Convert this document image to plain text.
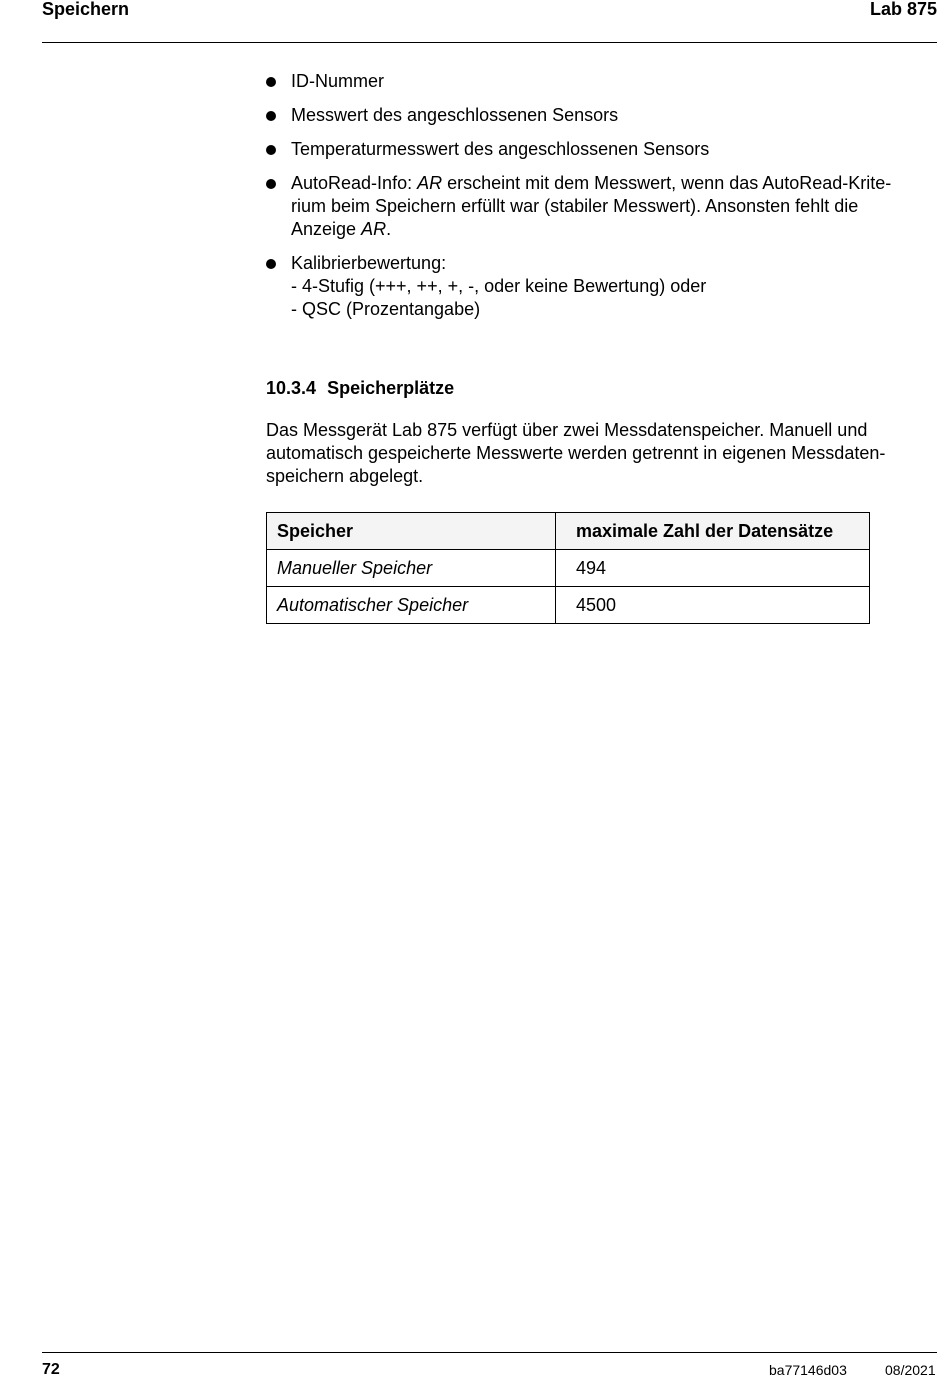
Speichern	Lab 875
ID-Nummer
Messwert des angeschlossenen Sensors
Temperaturmesswert des angeschlossenen Sensors
AutoRead-Info: AR erscheint mit dem Messwert, wenn das AutoRead-Krite-
rium beim Speichern erfüllt war (stabiler Messwert). Ansonsten fehlt die
Anzeige AR.
Kalibrierbewertung:
- 4-Stufig (+++, ++, +, -, oder keine Bewertung) oder
- QSC (Prozentangabe)
10.3.4 Speicherplätze

Das Messgerät Lab 875 verfügt über zwei Messdatenspeicher. Manuell und
automatisch gespeicherte Messwerte werden getrennt in eigenen Messdaten-
speichern abgelegt.

Speicher	maximale Zahl der Datensätze
Manueller Speicher	494
Automatischer Speicher	4500
72	ba77146d03	08/2021
